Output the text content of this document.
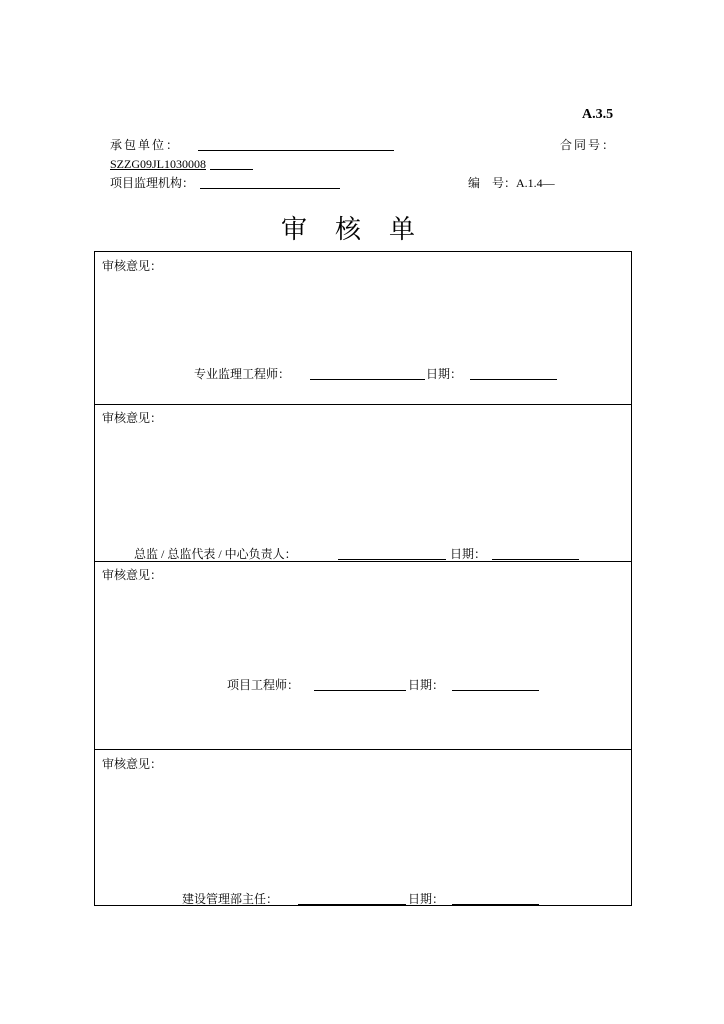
A.3.5
承包单位：	合同号：
SZZG09JL1030008
项目监理机构：	编　号：A.1.4—
审核单
审核意见：
专业监理工程师：	日期：
审核意见：
总监 / 总监代表 / 中心负责人：	日期：
审核意见：
项目工程师：	日期：
审核意见：
建设管理部主任：	日期：
